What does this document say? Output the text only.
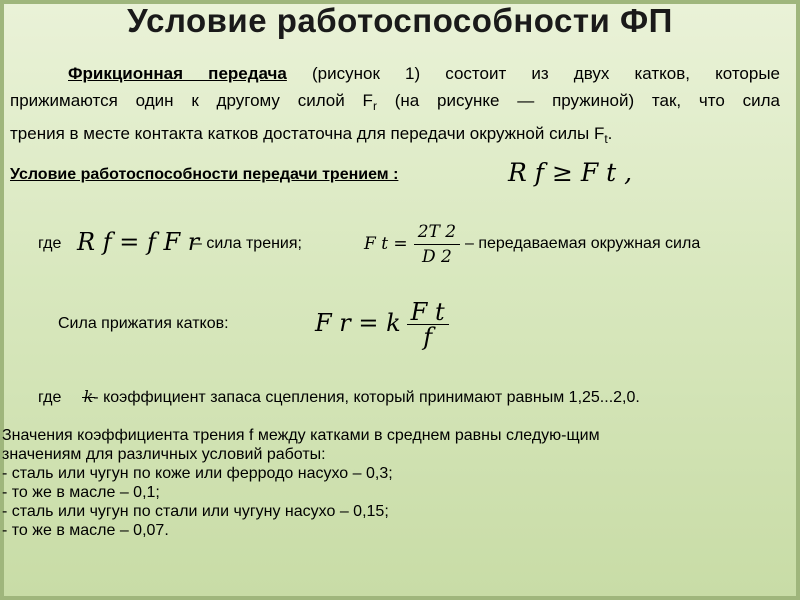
Условие работоспособности ФП

Фрикционная передача (рисунок 1) состоит из двух катков, которые

прижимаются один к другому силой $F_r$ (на рисунке — пружиной) так, что сила

трения в месте контакта катков достаточна для передачи окружной силы $F_t$.

Условие работоспособности передачи трением :	R f ≥ F t ,
где R f = f F r
– сила трения;	F $t = \frac{2T 2}{D 2}$ – передаваемая окружная сила
Сила прижатия катков:	F r = k $\frac{\text{F t}}{f}$
где k- коэффициент запаса сцепления, который принимают равным 1,25...2,0.
Значения коэффициента трения f между катками в среднем равны следую-щим
значениям для различных условий работы:
- сталь или чугун по коже или ферродо насухо – 0,3;
- то же в масле – 0,1;
- сталь или чугун по стали или чугуну насухо – 0,15;
- то же в масле – 0,07.
